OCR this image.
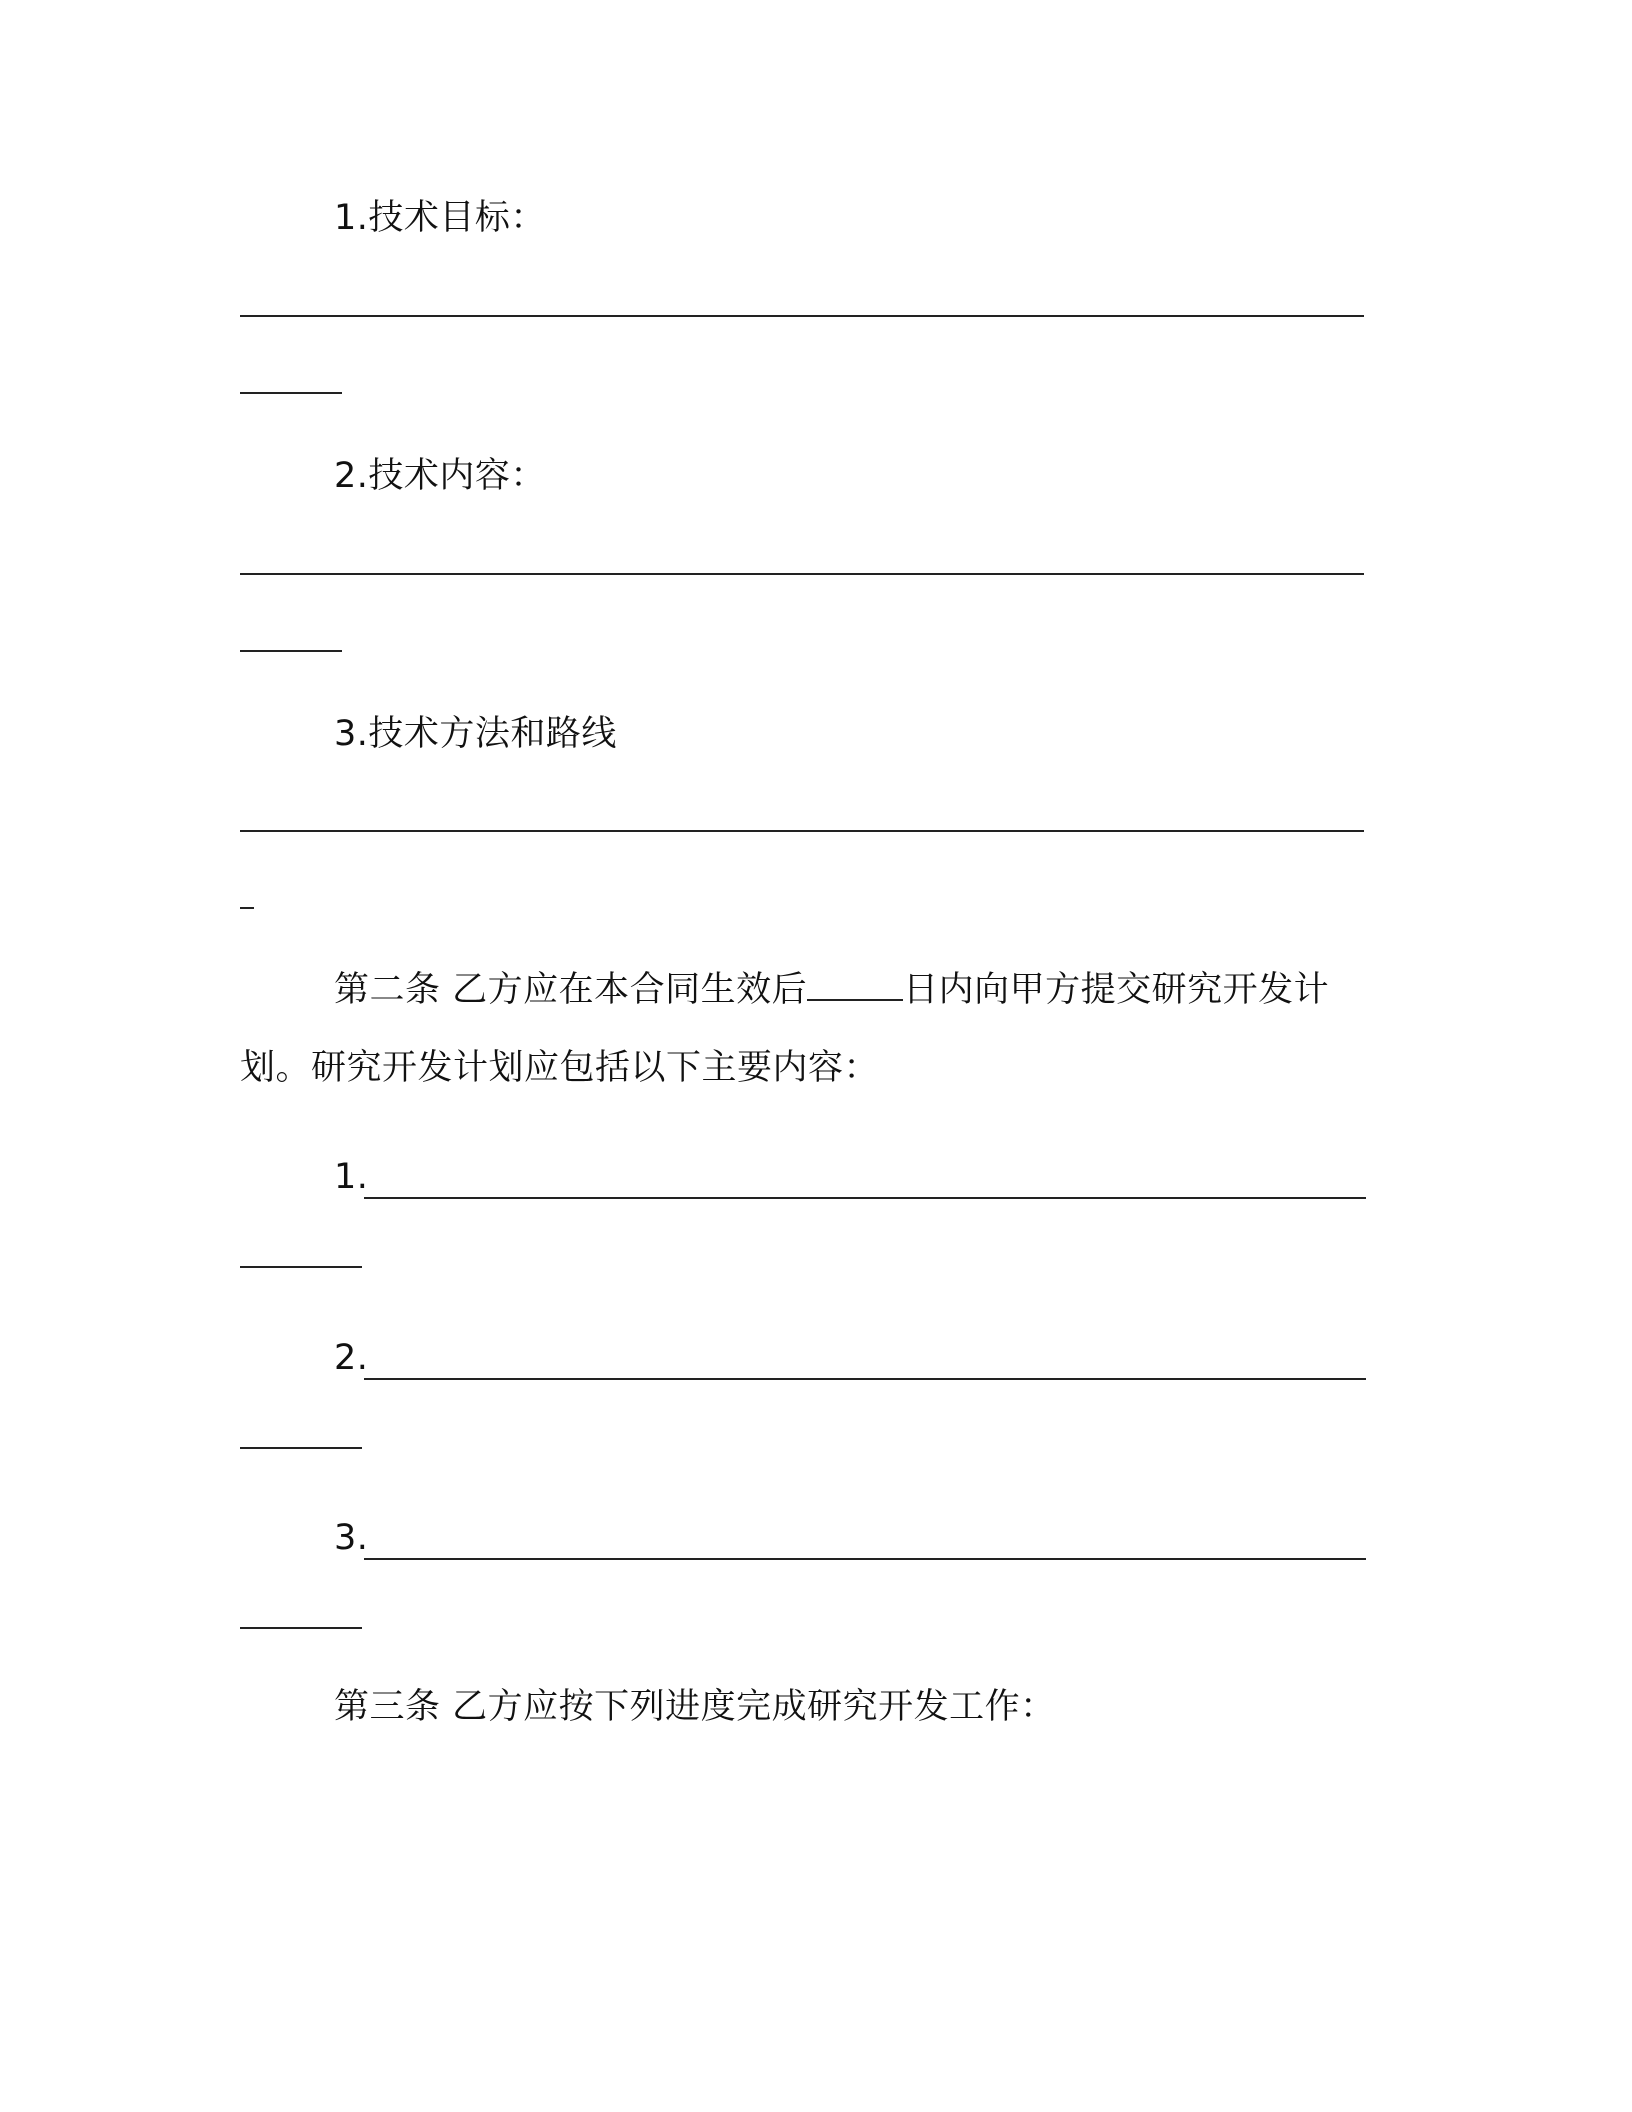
1.技术目标：
2.技术内容：
3.技术方法和路线
第二条 乙方应在本合同生效后	日内向甲方提交研究开发计
划。研究开发计划应包括以下主要内容：
1.
2.
3.
第三条 乙方应按下列进度完成研究开发工作：
